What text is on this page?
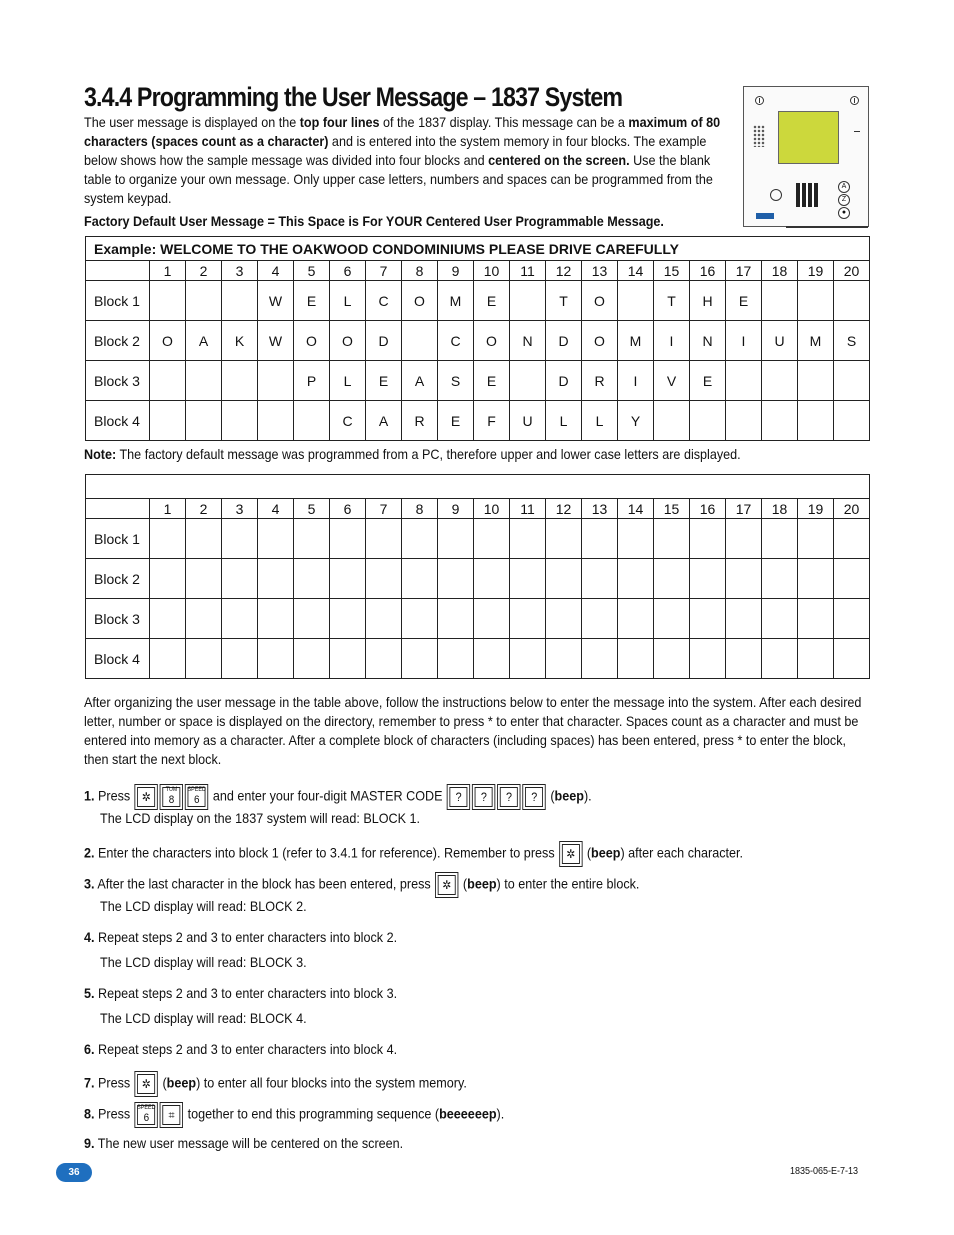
3.4.4 Programming the User Message – 1837 System
The user message is displayed on the top four lines of the 1837 display. This message can be a maximum of 80 characters (spaces count as a character) and is entered into the system memory in four blocks. The example below shows how the sample message was divided into four blocks and centered on the screen. Use the blank table to organize your own message. Only upper case letters, numbers and spaces can be programmed from the system keypad.
Factory Default User Message = This Space is For YOUR Centered User Programmable Message.
A
Z
●
Example: WELCOME TO THE OAKWOOD CONDOMINIUMS PLEASE DRIVE CAREFULLY																				
	1	2	3	4	5	6	7	8	9	10	11	12	13	14	15	16	17	18	19	20
Block 1				W	E	L	C	O	M	E		T	O		T	H	E			
Block 2	O	A	K	W	O	O	D		C	O	N	D	O	M	I	N	I	U	M	S
Block 3					P	L	E	A	S	E		D	R	I	V	E				
Block 4						C	A	R	E	F	U	L	L	Y						
Note: The factory default message was programmed from a PC, therefore upper and lower case letters are displayed.

	1	2	3	4	5	6	7	8	9	10	11	12	13	14	15	16	17	18	19	20
Block 1																				
Block 2																				
Block 3																				
Block 4																				
After organizing the user message in the table above, follow the instructions below to enter the message into the system. After each desired letter, number or space is displayed on the directory, remember to press * to enter that character. Spaces count as a character and must be entered into memory as a character. After a complete block of characters (including spaces) has been entered, press * to enter the block, then start the next block.
1. Press ✲	TUM
8
SPEED
6 and enter your four-digit MASTER CODE ?	?	?	? (beep).
The LCD display on the 1837 system will read: BLOCK 1.
2. Enter the characters into block 1 (refer to 3.4.1 for reference). Remember to press ✲ (beep) after each character.
3. After the last character in the block has been entered, press ✲ (beep) to enter the entire block.
The LCD display will read: BLOCK 2.
4. Repeat steps 2 and 3 to enter characters into block 2.
The LCD display will read: BLOCK 3.
5. Repeat steps 2 and 3 to enter characters into block 3.
The LCD display will read: BLOCK 4.
6. Repeat steps 2 and 3 to enter characters into block 4.
7. Press ✲ (beep) to enter all four blocks into the system memory.
8. Press SPEED
6	⌗ together to end this programming sequence (beeeeeep).
9. The new user message will be centered on the screen.
36	1835-065-E-7-13
